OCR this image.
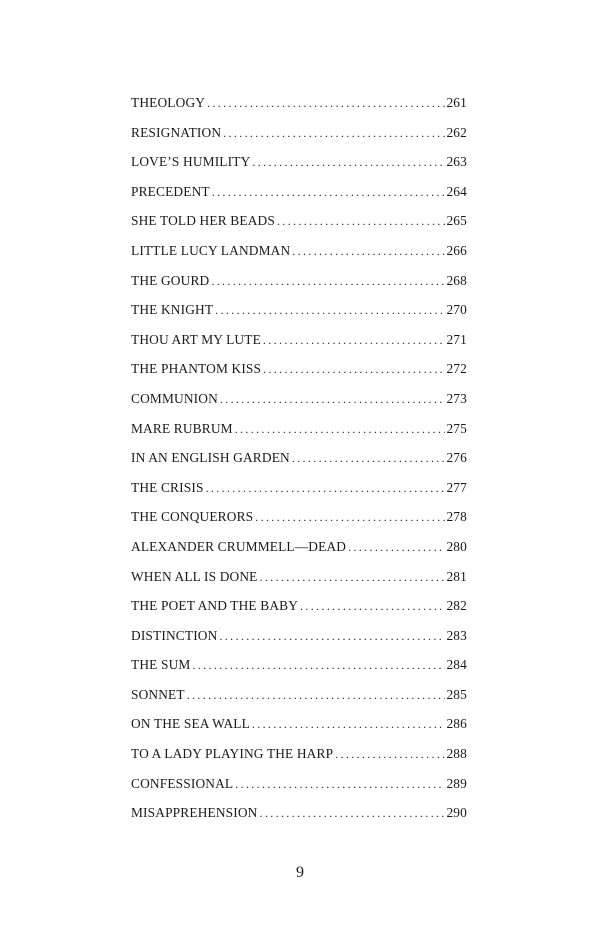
THEOLOGY .....	261
RESIGNATION .....	262
LOVE’S HUMILITY .....	263
PRECEDENT .....	264
SHE TOLD HER BEADS .....	265
LITTLE LUCY LANDMAN .....	266
THE GOURD .....	268
THE KNIGHT .....	270
THOU ART MY LUTE .....	271
THE PHANTOM KISS .....	272
COMMUNION .....	273
MARE RUBRUM .....	275
IN AN ENGLISH GARDEN .....	276
THE CRISIS .....	277
THE CONQUERORS .....	278
ALEXANDER CRUMMELL—DEAD .....	280
WHEN ALL IS DONE .....	281
THE POET AND THE BABY .....	282
DISTINCTION .....	283
THE SUM .....	284
SONNET .....	285
ON THE SEA WALL .....	286
TO A LADY PLAYING THE HARP .....	288
CONFESSIONAL .....	289
MISAPPREHENSION .....	290
9
